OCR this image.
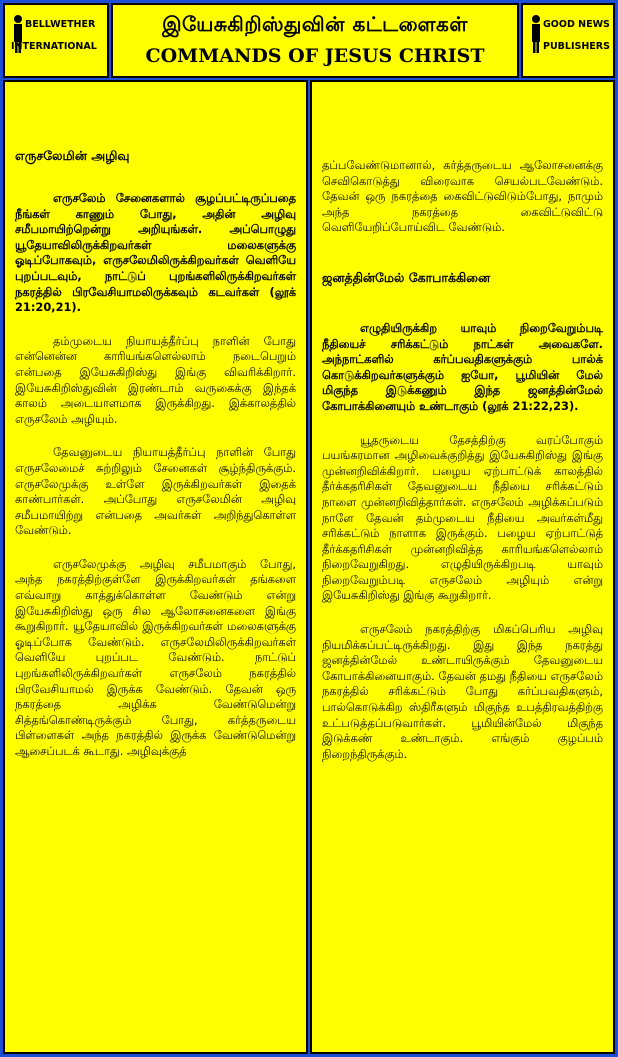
BELLWETHER
INTERNATIONAL
இயேசுகிறிஸ்துவின் கட்டளைகள்
COMMANDS OF JESUS CHRIST
GOOD NEWS
PUBLISHERS

எருசலேமின் அழிவு

எருசலேம் சேனைகளால் சூழப்பட்டிருப்பதை நீங்கள் காணும் போது, அதின் அழிவு சமீபமாயிற்றென்று அறியுங்கள். அப்பொழுது யூதேயாவிலிருக்கிறவர்கள் மலைகளுக்கு ஓடிப்போகவும், எருசலேமிலிருக்கிறவர்கள் வெளியே புறப்படவும், நாட்டுப் புறங்களிலிருக்கிறவர்கள் நகரத்தில் பிரவேசியாமலிருக்கவும் கடவர்கள் (லூக் 21:20,21).

தம்முடைய நியாயத்தீர்ப்பு நாளின் போது என்னென்ன காரியங்களெல்லாம் நடைபெறும் என்பதை இயேசுகிறிஸ்து இங்கு விவரிக்கிறார். இயேசுகிறிஸ்துவின் இரண்டாம் வருகைக்கு இந்தக் காலம் அடையாளமாக இருக்கிறது. இக்காலத்தில் எருசலேம் அழியும்.

தேவனுடைய நியாயத்தீர்ப்பு நாளின் போது எருசலேமைச் சுற்றிலும் சேனைகள் சூழ்ந்திருக்கும். எருசலேமுக்கு உள்ளே இருக்கிறவர்கள் இதைக் காண்பார்கள். அப்போது எருசலேமின் அழிவு சமீபமாயிற்று என்பதை அவர்கள் அறிந்துகொள்ள வேண்டும்.

எருசலேமுக்கு அழிவு சமீபமாகும் போது, அந்த நகரத்திற்குள்ளே இருக்கிறவர்கள் தங்களை எவ்வாறு காத்துக்கொள்ள வேண்டும் என்று இயேசுகிறிஸ்து ஒரு சில ஆலோசனைகளை இங்கு கூறுகிறார். யூதேயாவில் இருக்கிறவர்கள் மலைகளுக்கு ஓடிப்போக வேண்டும். எருசலேமிலிருக்கிறவர்கள் வெளியே புறப்பட வேண்டும். நாட்டுப் புறங்களிலிருக்கிறவர்கள் எருசலேம் நகரத்தில் பிரவேசியாமல் இருக்க வேண்டும். தேவன் ஒரு நகரத்தை அழிக்க வேண்டுமென்று சித்தங்கொண்டிருக்கும் போது, கர்த்தருடைய பிள்ளைகள் அந்த நகரத்தில் இருக்க வேண்டுமென்று ஆசைப்படக் கூடாது. அழிவுக்குத்

தப்பவேண்டுமானால், கர்த்தருடைய ஆலோசனைக்கு செவிகொடுத்து விரைவாக செயல்படவேண்டும். தேவன் ஒரு நகரத்தை கைவிட்டுவிடும்போது, நாமும் அந்த நகரத்தை கைவிட்டுவிட்டு வெளியேறிப்போய்விட வேண்டும்.

ஜனத்தின்மேல் கோபாக்கினை

எழுதியிருக்கிற யாவும் நிறைவேறும்படி நீதியைச் சரிக்கட்டும் நாட்கள் அவைகளே. அந்நாட்களில் கர்ப்பவதிகளுக்கும் பால்க் கொடுக்கிறவர்களுக்கும் ஐயோ, பூமியின் மேல் மிகுந்த இடுக்கணும் இந்த ஜனத்தின்மேல் கோபாக்கினையும் உண்டாகும் (லூக் 21:22,23).

யூதருடைய தேசத்திற்கு வரப்போகும் பயங்கரமான அழிவைக்குறித்து இயேசுகிறிஸ்து இங்கு முன்னறிவிக்கிறார். பழைய ஏற்பாட்டுக் காலத்தில் தீர்க்கதரிசிகள் தேவனுடைய நீதியை சரிக்கட்டும் நாளை முன்னறிவித்தார்கள். எருசலேம் அழிக்கப்படும் நாளே தேவன் தம்முடைய நீதியை அவர்கள்மீது சரிக்கட்டும் நாளாக இருக்கும். பழைய ஏற்பாட்டுத் தீர்க்கதரிசிகள் முன்னறிவித்த காரியங்களெல்லாம் நிறைவேறுகிறது. எழுதியிருக்கிறபடி யாவும் நிறைவேறும்படி எருசலேம் அழியும் என்று இயேசுகிறிஸ்து இங்கு கூறுகிறார்.

எருசலேம் நகரத்திற்கு மிகப்பெரிய அழிவு நியமிக்கப்பட்டிருக்கிறது. இது இந்த நகரத்து ஜனத்தின்மேல் உண்டாயிருக்கும் தேவனுடைய கோபாக்கினையாகும். தேவன் தமது நீதியை எருசலேம் நகரத்தில் சரிக்கட்டும் போது கர்ப்பவதிகளும், பால்கொடுக்கிற ஸ்திரீகளும் மிகுந்த உபத்திரவத்திற்கு உட்படுத்தப்படுவார்கள். பூமியின்மேல் மிகுந்த இடுக்கண் உண்டாகும். எங்கும் குழப்பம் நிறைந்திருக்கும்.
